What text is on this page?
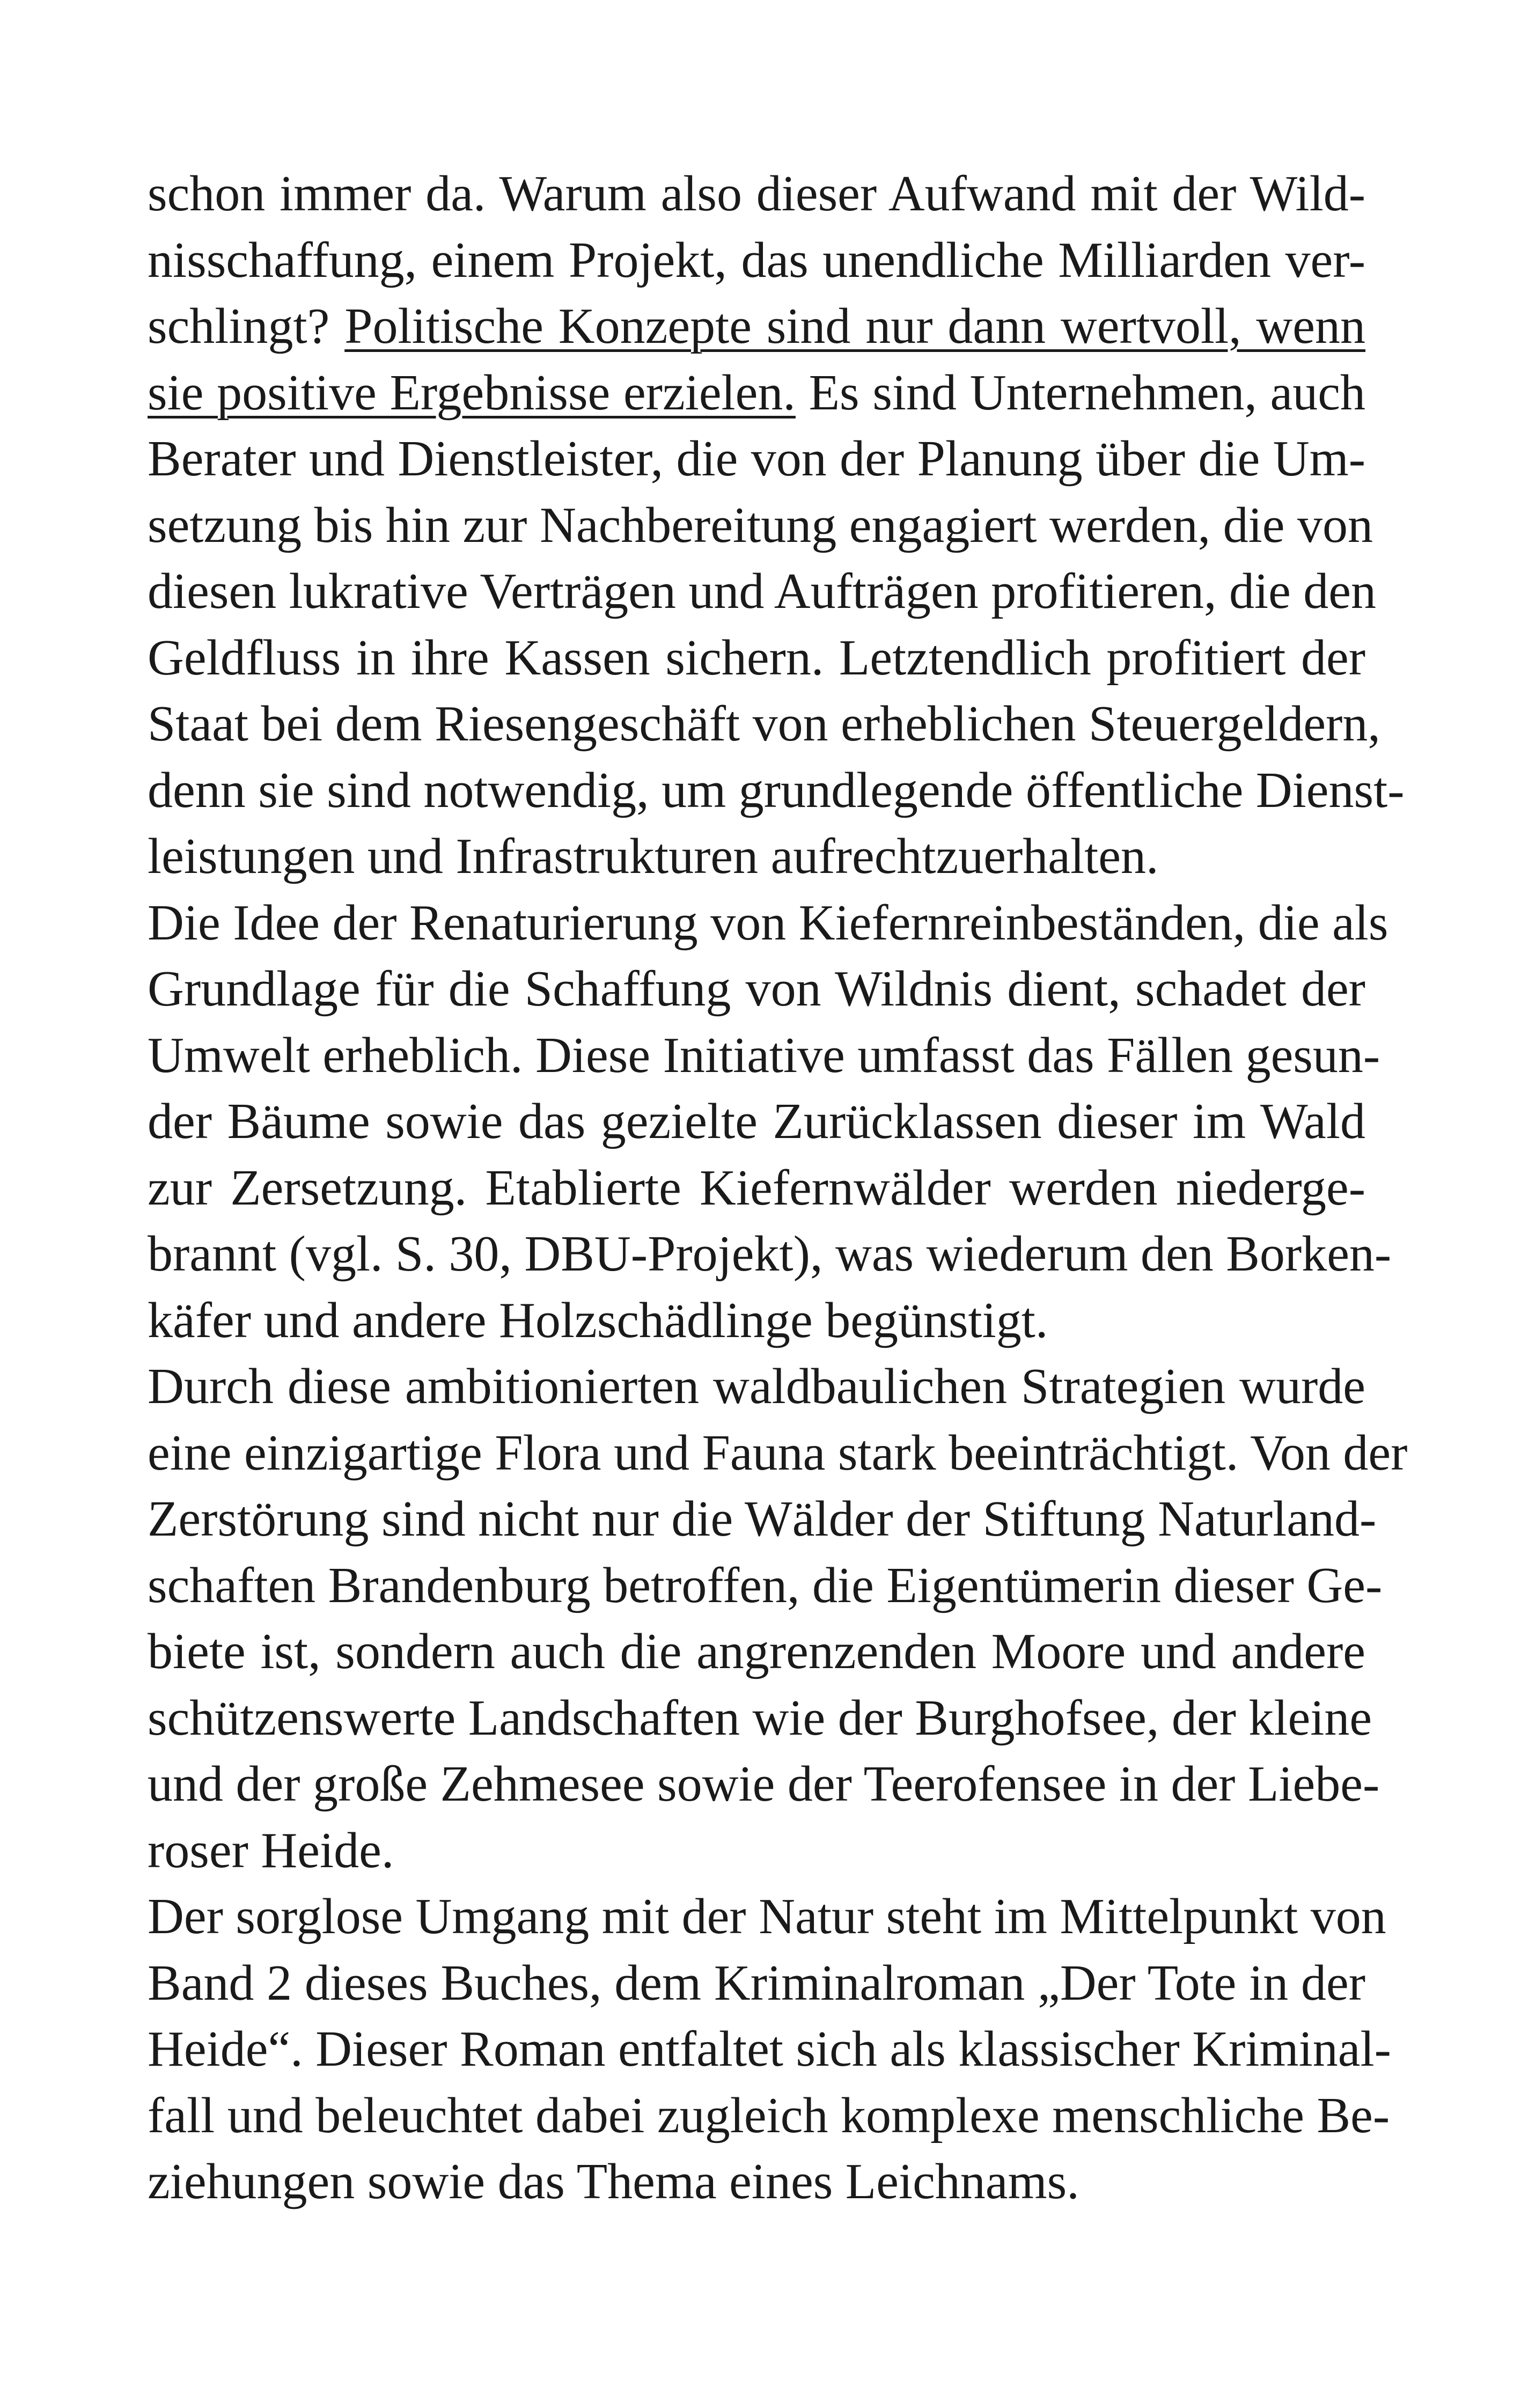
schon immer da. Warum also dieser Aufwand mit der Wild-
nisschaffung, einem Projekt, das unendliche Milliarden ver-
schlingt? Politische Konzepte sind nur dann wertvoll, wenn
sie positive Ergebnisse erzielen. Es sind Unternehmen, auch
Berater und Dienstleister, die von der Planung über die Um-
setzung bis hin zur Nachbereitung engagiert werden, die von
diesen lukrative Verträgen und Aufträgen profitieren, die den
Geldfluss in ihre Kassen sichern. Letztendlich profitiert der
Staat bei dem Riesengeschäft von erheblichen Steuergeldern,
denn sie sind notwendig, um grundlegende öffentliche Dienst-
leistungen und Infrastrukturen aufrechtzuerhalten.
Die Idee der Renaturierung von Kiefernreinbeständen, die als
Grundlage für die Schaffung von Wildnis dient, schadet der
Umwelt erheblich. Diese Initiative umfasst das Fällen gesun-
der Bäume sowie das gezielte Zurücklassen dieser im Wald
zur Zersetzung. Etablierte Kiefernwälder werden niederge-
brannt (vgl. S. 30, DBU-Projekt), was wiederum den Borken-
käfer und andere Holzschädlinge begünstigt.
Durch diese ambitionierten waldbaulichen Strategien wurde
eine einzigartige Flora und Fauna stark beeinträchtigt. Von der
Zerstörung sind nicht nur die Wälder der Stiftung Naturland-
schaften Brandenburg betroffen, die Eigentümerin dieser Ge-
biete ist, sondern auch die angrenzenden Moore und andere
schützenswerte Landschaften wie der Burghofsee, der kleine
und der große Zehmesee sowie der Teerofensee in der Liebe-
roser Heide.
Der sorglose Umgang mit der Natur steht im Mittelpunkt von
Band 2 dieses Buches, dem Kriminalroman „Der Tote in der
Heide“. Dieser Roman entfaltet sich als klassischer Kriminal-
fall und beleuchtet dabei zugleich komplexe menschliche Be-
ziehungen sowie das Thema eines Leichnams.
